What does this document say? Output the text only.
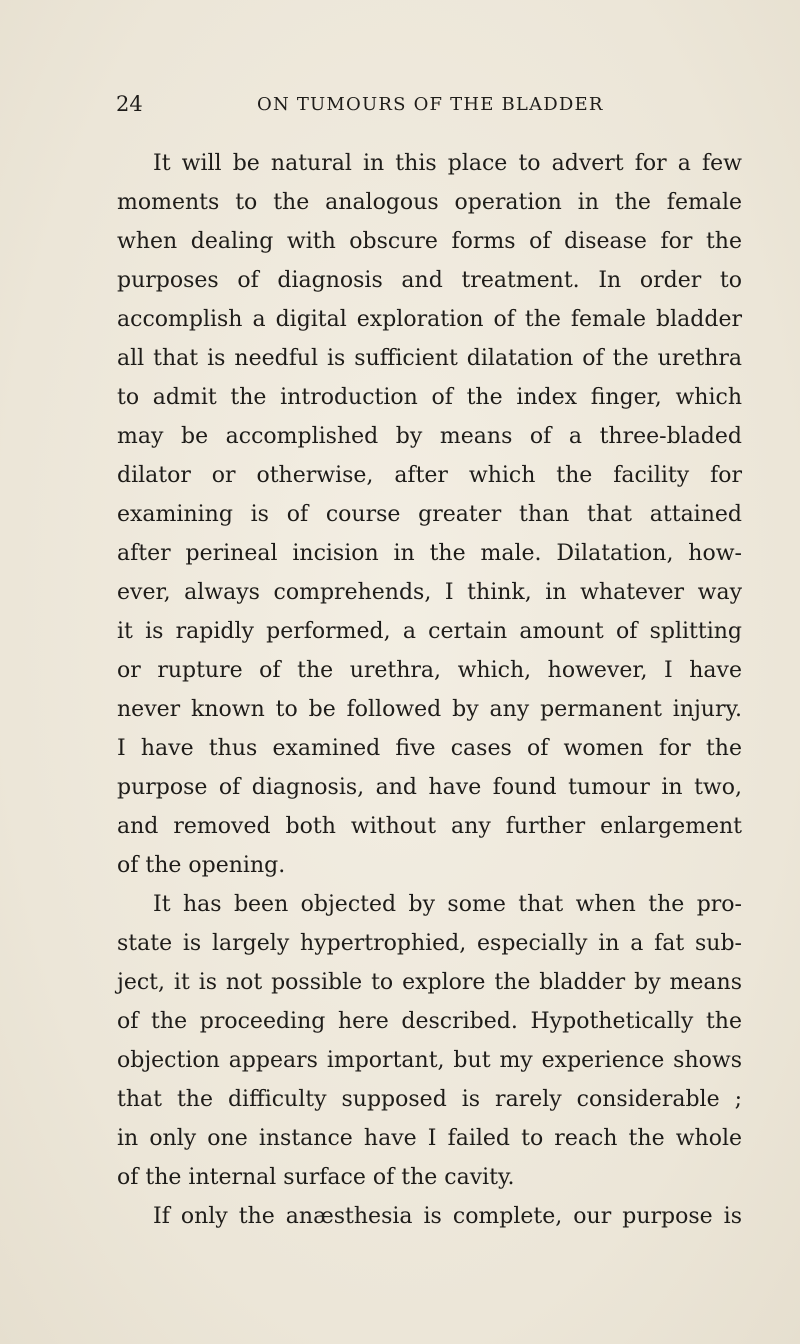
24	ON TUMOURS OF THE BLADDER
It will be natural in this place to advert for a few
moments to the analogous operation in the female
when dealing with obscure forms of disease for the
purposes of diagnosis and treatment. In order to
accomplish a digital exploration of the female bladder
all that is needful is sufficient dilatation of the urethra
to admit the introduction of the index finger, which
may be accomplished by means of a three-bladed
dilator or otherwise, after which the facility for
examining is of course greater than that attained
after perineal incision in the male. Dilatation, how-
ever, always comprehends, I think, in whatever way
it is rapidly performed, a certain amount of splitting
or rupture of the urethra, which, however, I have
never known to be followed by any permanent injury.
I have thus examined five cases of women for the
purpose of diagnosis, and have found tumour in two,
and removed both without any further enlargement
of the opening.
It has been objected by some that when the pro-
state is largely hypertrophied, especially in a fat sub-
ject, it is not possible to explore the bladder by means
of the proceeding here described. Hypothetically the
objection appears important, but my experience shows
that the difficulty supposed is rarely considerable ;
in only one instance have I failed to reach the whole
of the internal surface of the cavity.
If only the anæsthesia is complete, our purpose is
